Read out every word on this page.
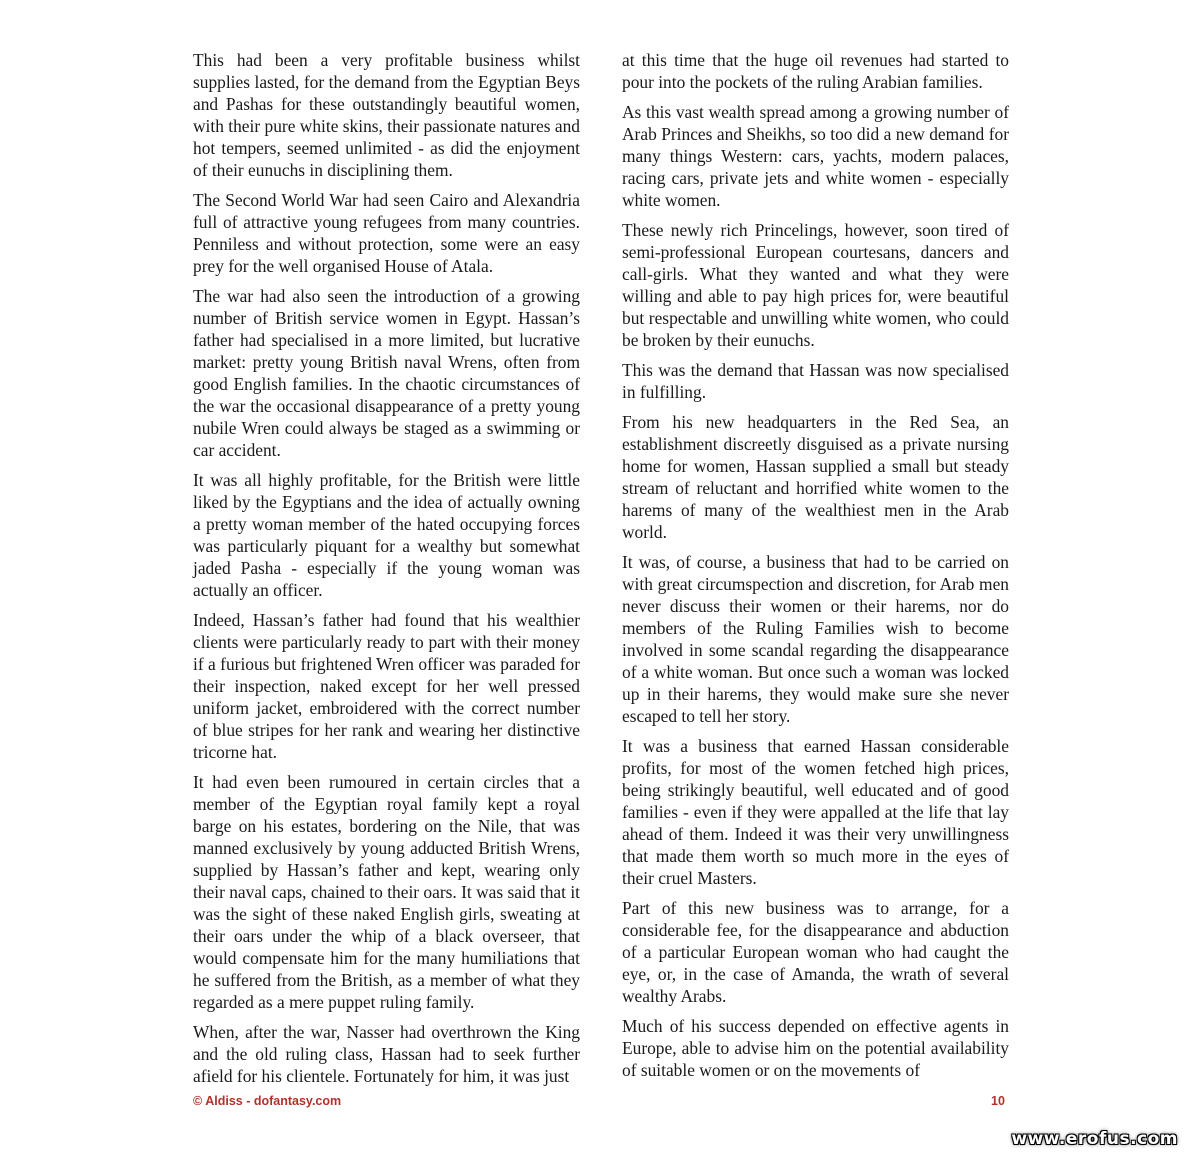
This had been a very profitable business whilst supplies lasted, for the demand from the Egyptian Beys and Pashas for these outstandingly beautiful women, with their pure white skins, their passionate natures and hot tempers, seemed unlimited - as did the enjoyment of their eunuchs in disciplining them.

The Second World War had seen Cairo and Alexandria full of attractive young refugees from many countries. Penniless and without protection, some were an easy prey for the well organised House of Atala.

The war had also seen the introduction of a growing number of British service women in Egypt. Hassan’s father had specialised in a more limited, but lucrative market: pretty young British naval Wrens, often from good English families. In the chaotic circumstances of the war the occasional disappearance of a pretty young nubile Wren could always be staged as a swimming or car accident.

It was all highly profitable, for the British were little liked by the Egyptians and the idea of actually owning a pretty woman member of the hated occupying forces was particularly piquant for a wealthy but somewhat jaded Pasha - especially if the young woman was actually an officer.

Indeed, Hassan’s father had found that his wealthier clients were particularly ready to part with their money if a furious but frightened Wren officer was paraded for their inspection, naked except for her well pressed uniform jacket, embroidered with the correct number of blue stripes for her rank and wearing her distinctive tricorne hat.

It had even been rumoured in certain circles that a member of the Egyptian royal family kept a royal barge on his estates, bordering on the Nile, that was manned exclusively by young adducted British Wrens, supplied by Hassan’s father and kept, wearing only their naval caps, chained to their oars. It was said that it was the sight of these naked English girls, sweating at their oars under the whip of a black overseer, that would compensate him for the many humiliations that he suffered from the British, as a member of what they regarded as a mere puppet ruling family.

When, after the war, Nasser had overthrown the King and the old ruling class, Hassan had to seek further afield for his clientele. Fortunately for him, it was just

at this time that the huge oil revenues had started to pour into the pockets of the ruling Arabian families.

As this vast wealth spread among a growing number of Arab Princes and Sheikhs, so too did a new demand for many things Western: cars, yachts, modern palaces, racing cars, private jets and white women - especially white women.

These newly rich Princelings, however, soon tired of semi-professional European courtesans, dancers and call-girls. What they wanted and what they were willing and able to pay high prices for, were beautiful but respectable and unwilling white women, who could be broken by their eunuchs.

This was the demand that Hassan was now specialised in fulfilling.

From his new headquarters in the Red Sea, an establishment discreetly disguised as a private nursing home for women, Hassan supplied a small but steady stream of reluctant and horrified white women to the harems of many of the wealthiest men in the Arab world.

It was, of course, a business that had to be carried on with great circumspection and discretion, for Arab men never discuss their women or their harems, nor do members of the Ruling Families wish to become involved in some scandal regarding the disappearance of a white woman. But once such a woman was locked up in their harems, they would make sure she never escaped to tell her story.

It was a business that earned Hassan considerable profits, for most of the women fetched high prices, being strikingly beautiful, well educated and of good families - even if they were appalled at the life that lay ahead of them. Indeed it was their very unwillingness that made them worth so much more in the eyes of their cruel Masters.

Part of this new business was to arrange, for a considerable fee, for the disappearance and abduction of a particular European woman who had caught the eye, or, in the case of Amanda, the wrath of several wealthy Arabs.

Much of his success depended on effective agents in Europe, able to advise him on the potential availability of suitable women or on the movements of

© Aldiss - dofantasy.com	10
www.erofus.com
